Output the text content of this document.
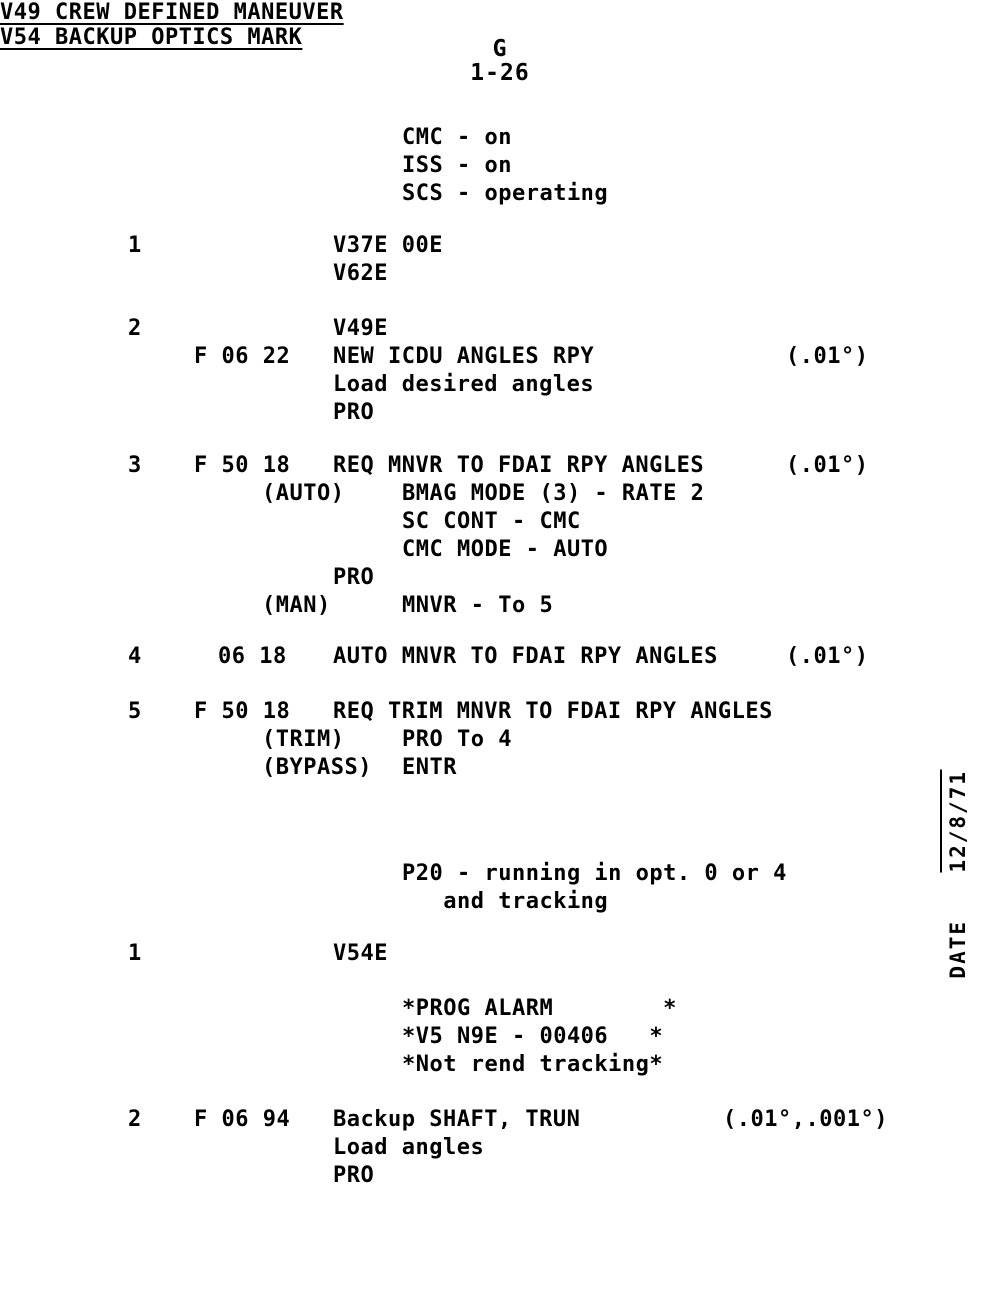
G
1-26
V49 CREW DEFINED MANEUVER
CMC - on
ISS - on
SCS - operating
1	V37E 00E
V62E
2	V49E
F 06 22 NEW ICDU ANGLES RPY	(.01°)
Load desired angles
PRO
3 F 50 18 REQ MNVR TO FDAI RPY ANGLES	(.01°)
(AUTO)	BMAG MODE (3) - RATE 2
SC CONT - CMC
CMC MODE - AUTO
PRO
(MAN)	MNVR - To 5
4	06 18 AUTO MNVR TO FDAI RPY ANGLES	(.01°)
5 F 50 18 REQ TRIM MNVR TO FDAI RPY ANGLES
(TRIM)	PRO To 4
(BYPASS) ENTR
V54 BACKUP OPTICS MARK
P20 - running in opt. 0 or 4
and tracking
1	V54E
*PROG ALARM        *
*V5 N9E - 00406   *
*Not rend tracking*
2 F 06 94 Backup SHAFT, TRUN	(.01°,.001°)
Load angles
PRO
12/8/71
DATE
